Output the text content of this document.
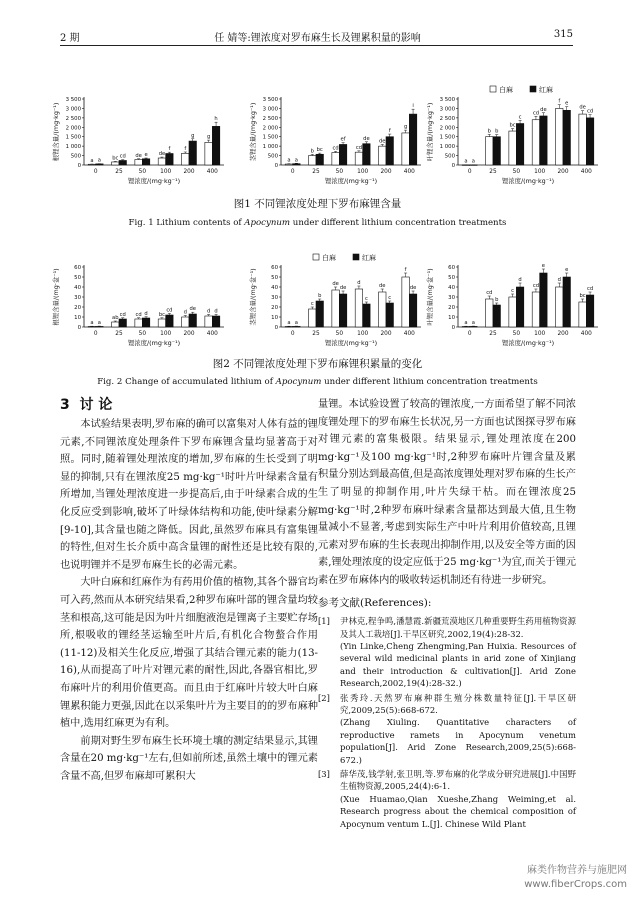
2 期	任 婧等:锂浓度对罗布麻生长及锂累积量的影响	315
0
500
1 000
1 500
2 000
2 500
3 000
3 500
根锂含量/(mg·kg⁻¹)
0
a a
25
bc cd
50
de e
100
de
f
200
f
g
400
g
h
锂浓度/(mg·kg⁻¹)
0
500
1 000
1 500
2 000
2 500
3 000
3 500
茎锂含量/(mg·kg⁻¹)
0
a a
25
b bc
50
cd
ef
100
cd
de
200
de
f
400
g
i
锂浓度/(mg·kg⁻¹)
0
500
1 000
1 500
2 000
2 500
3 000
3 500
叶锂含量/(mg·kg⁻¹)
0
a a
25
b b
50
bc
c
100
cd
de
200
f e
400
de
cd
锂浓度/(mg·kg⁻¹)
白麻	红麻
图1 不同锂浓度处理下罗布麻锂含量
Fig. 1 Lithium contents of Apocynum under different lithium concentration treatments
0
10
20
30
40
50
60
根锂含量/(mg·盆⁻¹)
0
a a
25
ab
cd
50
cd d
100
bc
cd
200
d
de
400
d d
锂浓度/(mg·kg⁻¹)
0
10
20
30
40
50
60
茎锂含量/(mg·盆⁻¹)
0
a a
25
c
b
50
de
de
100
d
c
200
de
c
400
f
de
锂浓度/(mg·kg⁻¹)
白麻	红麻
0
10
20
30
40
50
60
叶锂含量/(mg·盆⁻¹)
0
a a
25
cd
b
50
c
d
100
cd
e
200
d
e
400
bc
cd
锂浓度/(mg·kg⁻¹)
图2 不同锂浓度处理下罗布麻锂积累量的变化
Fig. 2 Change of accumulated lithium of Apocynum under different lithium concentration treatments
3 讨 论

本试验结果表明,罗布麻的确可以富集对人体有益的锂元素,不同锂浓度处理条件下罗布麻锂含量均显著高于对照。同时,随着锂处理浓度的增加,罗布麻的生长受到了明显的抑制,只有在锂浓度25 mg·kg⁻¹时叶片叶绿素含量有所增加,当锂处理浓度进一步提高后,由于叶绿素合成的生化反应受到影响,破坏了叶绿体结构和功能,使叶绿素分解[9-10],其含量也随之降低。因此,虽然罗布麻具有富集锂的特性,但对生长介质中高含量锂的耐性还是比较有限的,也说明锂并不是罗布麻生长的必需元素。

大叶白麻和红麻作为有药用价值的植物,其各个器官均可入药,然而从本研究结果看,2种罗布麻叶部的锂含量均较茎和根高,这可能是因为叶片细胞液泡是锂离子主要贮存场所,根吸收的锂经茎运输至叶片后,有机化合物螯合作用(11-12)及相关生化反应,增强了其结合锂元素的能力(13-16),从而提高了叶片对锂元素的耐性,因此,各器官相比,罗布麻叶片的利用价值更高。而且由于红麻叶片较大叶白麻锂累积能力更强,因此在以采集叶片为主要目的的罗布麻种植中,选用红麻更为有利。

前期对野生罗布麻生长环境土壤的测定结果显示,其锂含量在20 mg·kg⁻¹左右,但如前所述,虽然土壤中的锂元素含量不高,但罗布麻却可累积大

量锂。本试验设置了较高的锂浓度,一方面希望了解不同浓度锂处理下的罗布麻生长状况,另一方面也试图探寻罗布麻对锂元素的富集极限。结果显示,锂处理浓度在200 mg·kg⁻¹及100 mg·kg⁻¹时,2种罗布麻叶片锂含量及累积量分别达到最高值,但是高浓度锂处理对罗布麻的生长产生了明显的抑制作用,叶片失绿干枯。而在锂浓度25 mg·kg⁻¹时,2种罗布麻叶绿素含量都达到最大值,且生物量减小不显著,考虑到实际生产中叶片利用价值较高,且锂元素对罗布麻的生长表现出抑制作用,以及安全等方面的因素,锂处理浓度的设定应低于25 mg·kg⁻¹为宜,而关于锂元素在罗布麻体内的吸收转运机制还有待进一步研究。

参考文献(References):
[1] 尹林克,程争鸣,潘慧霞.新疆荒漠地区几种重要野生药用植物资源及其人工栽培[J].干旱区研究,2002,19(4):28-32.
(Yin Linke,Cheng Zhengming,Pan Huixia. Resources of several wild medicinal plants in arid zone of Xinjiang and their introduction & cultivation[J]. Arid Zone Research,2002,19(4):28-32.)
[2] 张秀玲.天然罗布麻种群生殖分株数量特征[J].干旱区研究,2009,25(5):668-672.
(Zhang Xiuling. Quantitative characters of reproductive ramets in Apocynum venetum population[J]. Arid Zone Research,2009,25(5):668-672.)
[3] 薛华茂,钱学射,张卫明,等.罗布麻的化学成分研究进展[J].中国野生植物资源,2005,24(4):6-1.
(Xue Huamao,Qian Xueshe,Zhang Weiming,et al. Research progress about the chemical composition of Apocynum ventum L.[J]. Chinese Wild Plant
麻类作物营养与施肥网
www.fiberCrops.com
